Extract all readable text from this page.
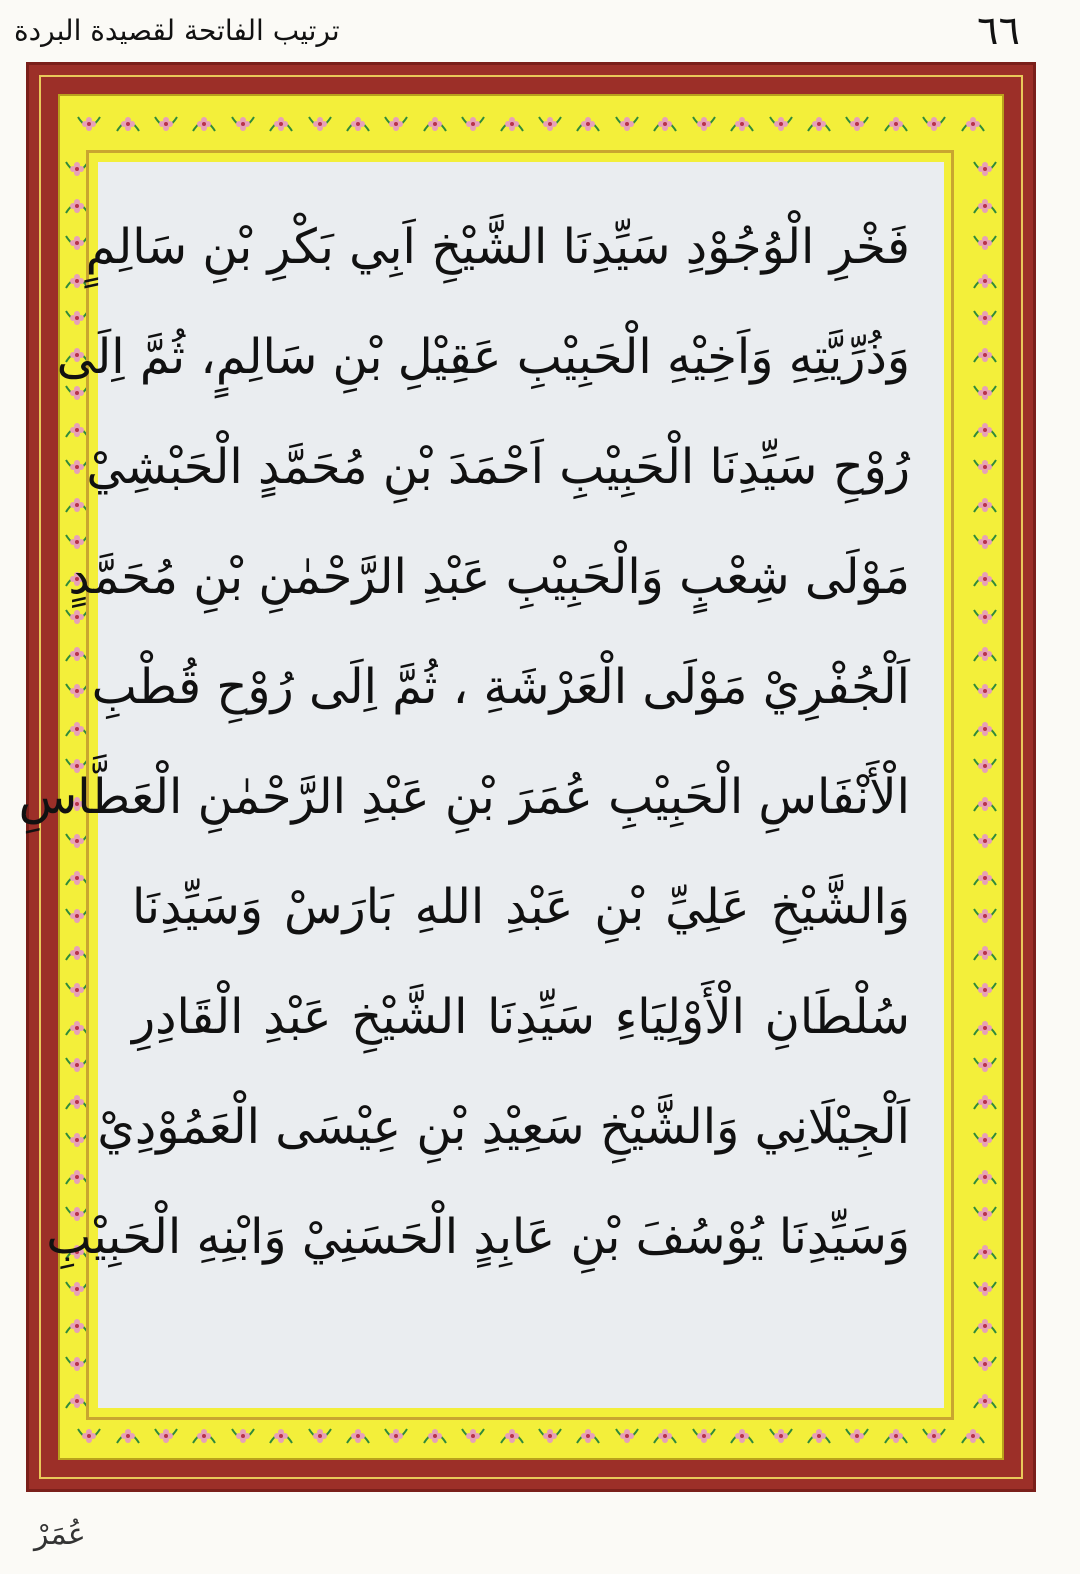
٦٦
ترتيب الفاتحة لقصيدة البردة
فَخْرِ الْوُجُوْدِ سَيِّدِنَا الشَّيْخِ اَبِي بَكْرِ بْنِ سَالِمٍ
وَذُرِّيَّتِهِ وَاَخِيْهِ الْحَبِيْبِ عَقِيْلِ بْنِ سَالِمٍ، ثُمَّ اِلَى
رُوْحِ سَيِّدِنَا الْحَبِيْبِ اَحْمَدَ بْنِ مُحَمَّدٍ الْحَبْشِيْ
مَوْلَى شِعْبٍ وَالْحَبِيْبِ عَبْدِ الرَّحْمٰنِ بْنِ مُحَمَّدٍ
اَلْجُفْرِيْ مَوْلَى الْعَرْشَةِ ، ثُمَّ اِلَى رُوْحِ قُطْبِ
الْأَنْفَاسِ الْحَبِيْبِ عُمَرَ بْنِ عَبْدِ الرَّحْمٰنِ الْعَطَّاسِ
وَالشَّيْخِ عَلِيِّ بْنِ عَبْدِ اللهِ بَارَسْ وَسَيِّدِنَا
سُلْطَانِ الْأَوْلِيَاءِ سَيِّدِنَا الشَّيْخِ عَبْدِ الْقَادِرِ
اَلْجِيْلَانِي وَالشَّيْخِ سَعِيْدِ بْنِ عِيْسَى الْعَمُوْدِيْ
وَسَيِّدِنَا يُوْسُفَ بْنِ عَابِدٍ الْحَسَنِيْ وَابْنِهِ الْحَبِيْبِ
عُمَرْ
